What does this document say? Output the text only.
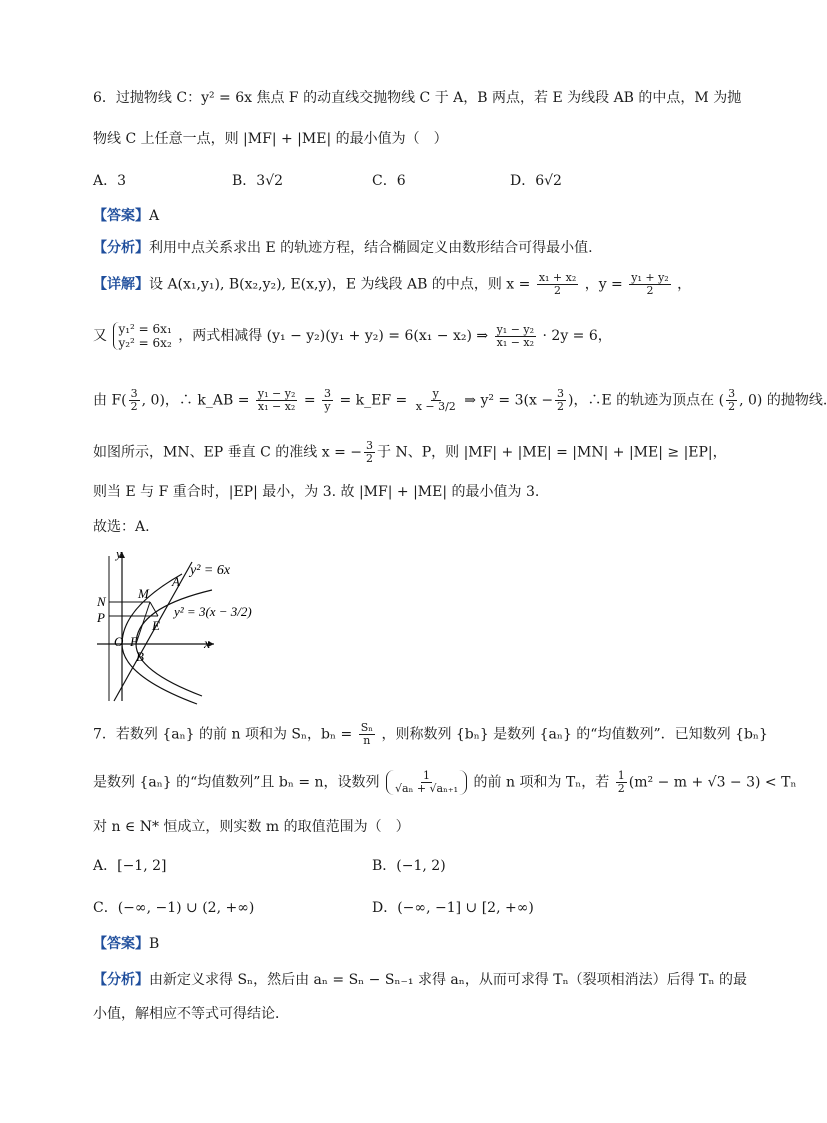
6．过抛物线 C：y² = 6x 焦点 F 的动直线交抛物线 C 于 A，B 两点，若 E 为线段 AB 的中点，M 为抛
物线 C 上任意一点，则 |MF| + |ME| 的最小值为（　）
A．3	B．3√2	C．6	D．6√2
【答案】A
【分析】利用中点关系求出 E 的轨迹方程，结合椭圆定义由数形结合可得最小值.
【详解】设 A(x₁,y₁), B(x₂,y₂), E(x,y)，E 为线段 AB 的中点，则 $x = \frac{\text{x₁ + x₂}}{2}$ ，$y = \frac{\text{y₁ + y₂}}{2}$ ，
又 y₁² = 6x₁
y₂² = 6x₂ ，两式相减得 (y₁ − y₂)(y₁ + y₂) = 6(x₁ − x₂) ⇒ $\frac{\text{y₁ − y₂}}{\text{x₁ − x₂}} \cdot 2y = 6$，
由 $F( \frac{3}{2}$ , 0)，∴ k_AB = $\frac{\text{y₁ − y₂}}{\text{x₁ − x₂}} = \frac{3}{y}$ = k_EF = $\frac{y}{x - 3/2}$ ⇒ $y^2 = 3(x - \frac{3}{2}$ )，∴E 的轨迹为顶点在 ( $\frac{3}{2}$ , 0) 的抛物线.
如图所示，MN、EP 垂直 C 的准线 x = − $\frac{3}{2}$ 于 N、P，则 |MF| + |ME| = |MN| + |ME| ≥ |EP|，
则当 E 与 F 重合时，|EP| 最小，为 3. 故 |MF| + |ME| 的最小值为 3.
故选：A.
y
x
N
M
A
P
E
O F
B
y² = 6x
y² = 3(x − 3/2)
7．若数列 {aₙ} 的前 n 项和为 Sₙ，$b_n = \frac{\text{Sₙ}}{n}$ ，则称数列 {bₙ} 是数列 {aₙ} 的“均值数列”．已知数列 {bₙ}
是数列 {aₙ} 的“均值数列”且 bₙ = n，设数列 $\frac{1}{\text{√aₙ + √aₙ₊₁}}$ 的前 n 项和为 Tₙ，若 $\frac{1}{2} (m^2 - m + √3 - 3) < T_n$
对 n ∈ N* 恒成立，则实数 m 的取值范围为（　）
A．[−1, 2]	B．(−1, 2)
C．(−∞, −1) ∪ (2, +∞)	D．(−∞, −1] ∪ [2, +∞)
【答案】B
【分析】由新定义求得 Sₙ，然后由 aₙ = Sₙ − Sₙ₋₁ 求得 aₙ，从而可求得 Tₙ（裂项相消法）后得 Tₙ 的最
小值，解相应不等式可得结论．
